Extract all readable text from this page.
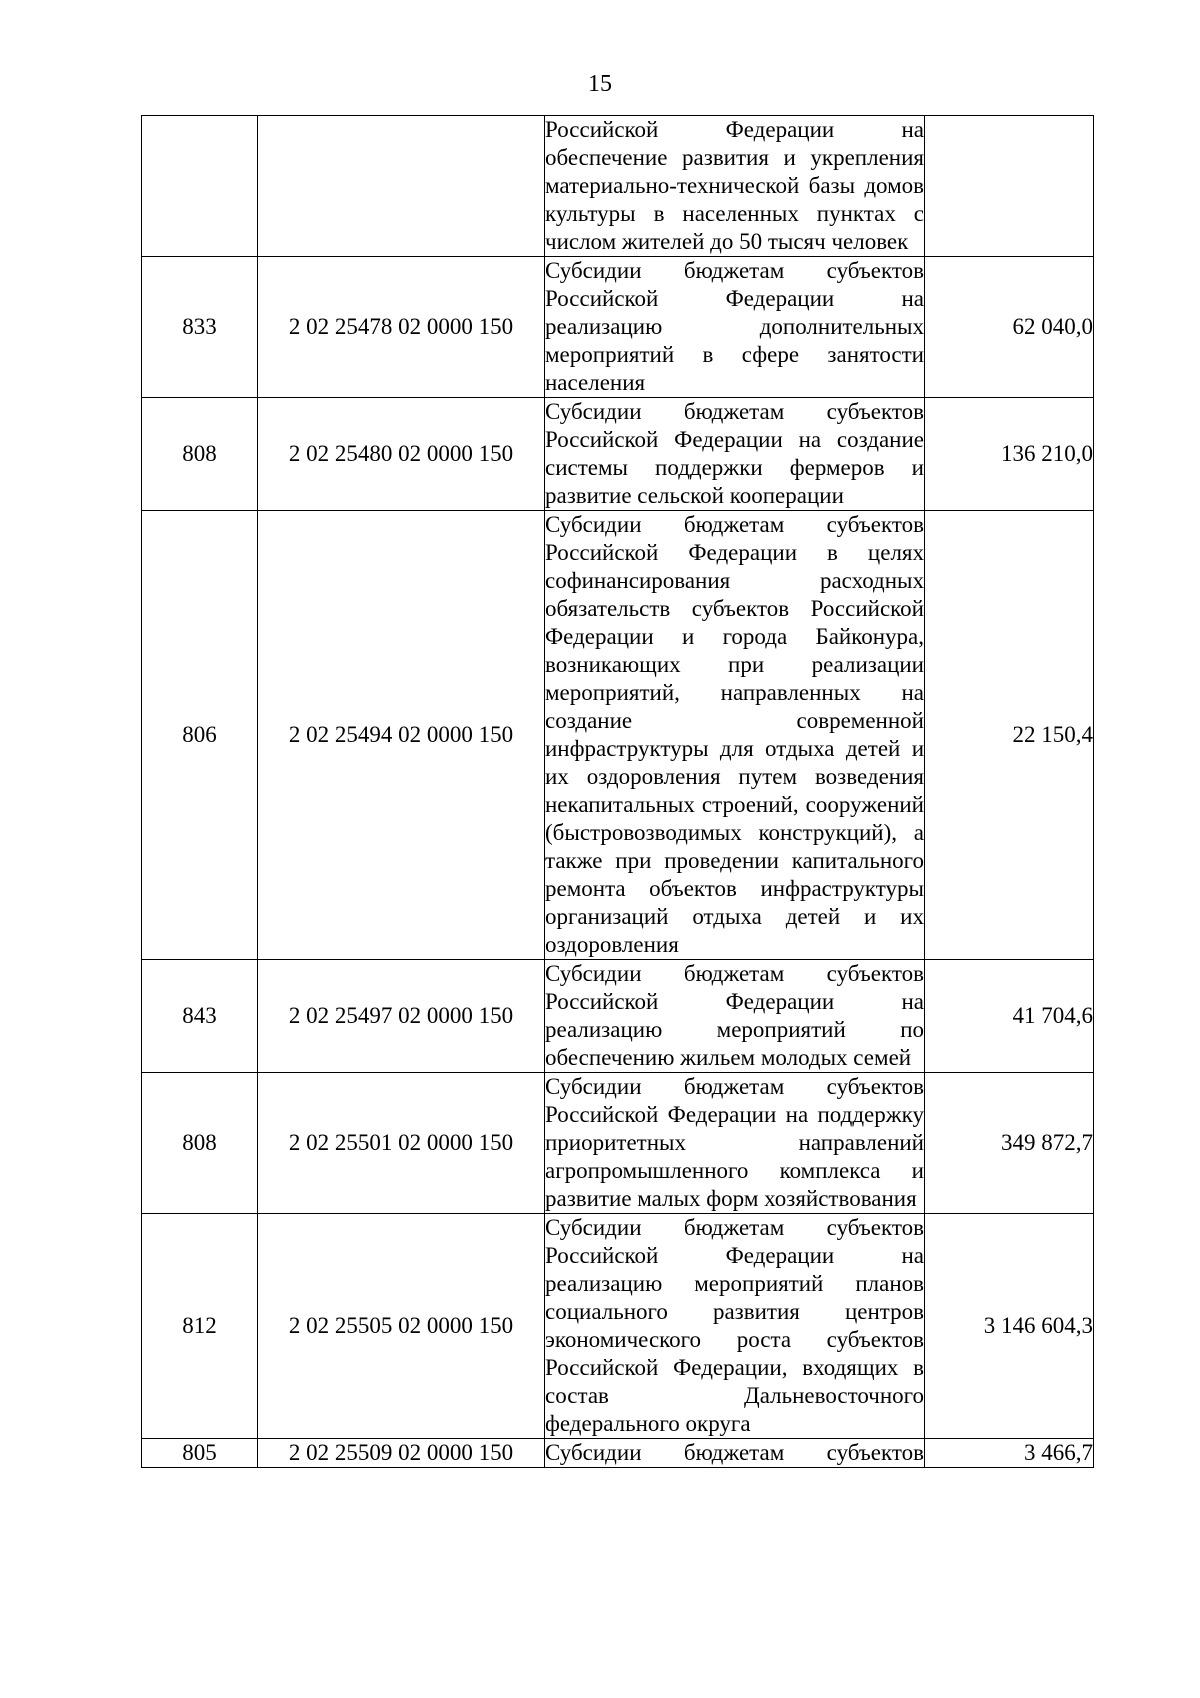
15
		Российской Федерации на обеспечение развития и укрепления материально-технической базы домов культуры в населенных пунктах с числом жителей до 50 тысяч человек	
833	2 02 25478 02 0000 150	Субсидии бюджетам субъектов Российской Федерации на реализацию дополнительных мероприятий в сфере занятости населения	62 040,0
808	2 02 25480 02 0000 150	Субсидии бюджетам субъектов Российской Федерации на создание системы поддержки фермеров и развитие сельской кооперации	136 210,0
806	2 02 25494 02 0000 150	Субсидии бюджетам субъектов Российской Федерации в целях софинансирования расходных обязательств субъектов Российской Федерации и города Байконура, возникающих при реализации мероприятий, направленных на создание современной инфраструктуры для отдыха детей и их оздоровления путем возведения некапитальных строений, сооружений (быстровозводимых конструкций), а также при проведении капитального ремонта объектов инфраструктуры организаций отдыха детей и их оздоровления	22 150,4
843	2 02 25497 02 0000 150	Субсидии бюджетам субъектов Российской Федерации на реализацию мероприятий по обеспечению жильем молодых семей	41 704,6
808	2 02 25501 02 0000 150	Субсидии бюджетам субъектов Российской Федерации на поддержку приоритетных направлений агропромышленного комплекса и развитие малых форм хозяйствования	349 872,7
812	2 02 25505 02 0000 150	Субсидии бюджетам субъектов Российской Федерации на реализацию мероприятий планов социального развития центров экономического роста субъектов Российской Федерации, входящих в состав Дальневосточного федерального округа	3 146 604,3
805	2 02 25509 02 0000 150	Субсидии бюджетам субъектов	3 466,7
